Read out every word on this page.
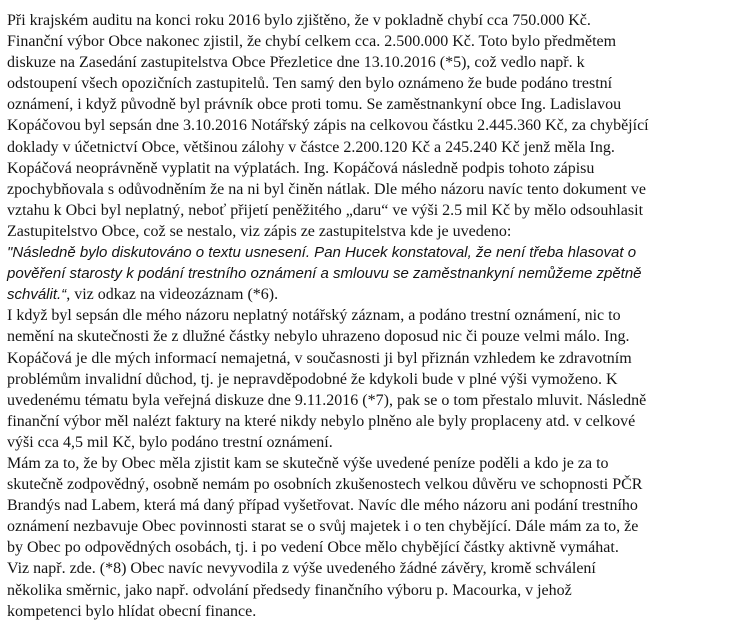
Při krajském auditu na konci roku 2016 bylo zjištěno, že v pokladně chybí cca 750.000 Kč.
Finanční výbor Obce nakonec zjistil, že chybí celkem cca. 2.500.000 Kč. Toto bylo předmětem
diskuze na Zasedání zastupitelstva Obce Přezletice dne 13.10.2016 (*5), což vedlo např. k
odstoupení všech opozičních zastupitelů. Ten samý den bylo oznámeno že bude podáno trestní
oznámení, i když původně byl právník obce proti tomu. Se zaměstnankyní obce Ing. Ladislavou
Kopáčovou byl sepsán dne 3.10.2016 Notářský zápis na celkovou částku 2.445.360 Kč, za chybějící
doklady v účetnictví Obce, většinou zálohy v částce 2.200.120 Kč a 245.240 Kč jenž měla Ing.
Kopáčová neoprávněně vyplatit na výplatách. Ing. Kopáčová následně podpis tohoto zápisu
zpochybňovala s odůvodněním že na ni byl činěn nátlak. Dle mého názoru navíc tento dokument ve
vztahu k Obci byl neplatný, neboť přijetí peněžitého „daru“ ve výši 2.5 mil Kč by mělo odsouhlasit
Zastupitelstvo Obce, což se nestalo, viz zápis ze zastupitelstva kde je uvedeno:

"Následně bylo diskutováno o textu usnesení. Pan Hucek konstatoval, že není třeba hlasovat o
pověření starosty k podání trestního oznámení a smlouvu se zaměstnankyní nemůžeme zpětně
schválit.“, viz odkaz na videozáznam (*6).

I když byl sepsán dle mého názoru neplatný notářský záznam, a podáno trestní oznámení, nic to
nemění na skutečnosti že z dlužné částky nebylo uhrazeno doposud nic či pouze velmi málo. Ing.
Kopáčová je dle mých informací nemajetná, v současnosti ji byl přiznán vzhledem ke zdravotním
problémům invalidní důchod, tj. je nepravděpodobné že kdykoli bude v plné výši vymoženo. K
uvedenému tématu byla veřejná diskuze dne 9.11.2016 (*7), pak se o tom přestalo mluvit. Následně
finanční výbor měl nalézt faktury na které nikdy nebylo plněno ale byly proplaceny atd. v celkové
výši cca 4,5 mil Kč, bylo podáno trestní oznámení.

Mám za to, že by Obec měla zjistit kam se skutečně výše uvedené peníze poděli a kdo je za to
skutečně zodpovědný, osobně nemám po osobních zkušenostech velkou důvěru ve schopnosti PČR
Brandýs nad Labem, která má daný případ vyšetřovat. Navíc dle mého názoru ani podání trestního
oznámení nezbavuje Obec povinnosti starat se o svůj majetek i o ten chybějící. Dále mám za to, že
by Obec po odpovědných osobách, tj. i po vedení Obce mělo chybějící částky aktivně vymáhat.
Viz např. zde. (*8) Obec navíc nevyvodila z výše uvedeného žádné závěry, kromě schválení
několika směrnic, jako např. odvolání předsedy finančního výboru p. Macourka, v jehož
kompetenci bylo hlídat obecní finance.
